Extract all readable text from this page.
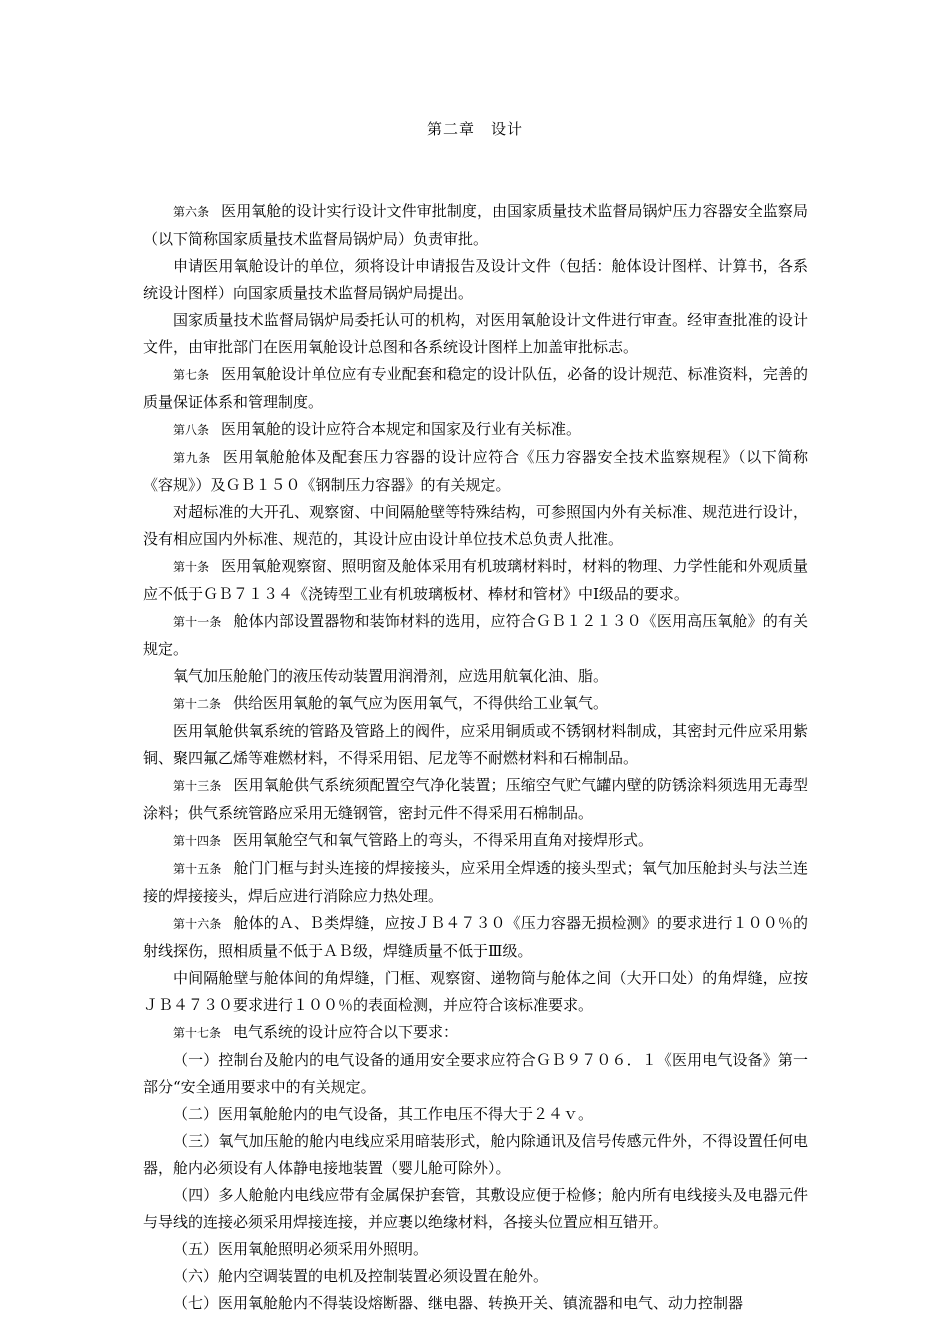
第二章　设计

第六条 医用氧舱的设计实行设计文件审批制度，由国家质量技术监督局锅炉压力容器安全监察局（以下简称国家质量技术监督局锅炉局）负责审批。

申请医用氧舱设计的单位，须将设计申请报告及设计文件（包括：舱体设计图样、计算书，各系统设计图样）向国家质量技术监督局锅炉局提出。

国家质量技术监督局锅炉局委托认可的机构，对医用氧舱设计文件进行审查。经审查批准的设计文件，由审批部门在医用氧舱设计总图和各系统设计图样上加盖审批标志。

第七条 医用氧舱设计单位应有专业配套和稳定的设计队伍，必备的设计规范、标准资料，完善的质量保证体系和管理制度。

第八条 医用氧舱的设计应符合本规定和国家及行业有关标准。

第九条 医用氧舱舱体及配套压力容器的设计应符合《压力容器安全技术监察规程》（以下简称《容规》）及ＧＢ１５０《钢制压力容器》的有关规定。

对超标准的大开孔、观察窗、中间隔舱壁等特殊结构，可参照国内外有关标准、规范进行设计，没有相应国内外标准、规范的，其设计应由设计单位技术总负责人批准。

第十条 医用氧舱观察窗、照明窗及舱体采用有机玻璃材料时，材料的物理、力学性能和外观质量应不低于ＧＢ７１３４《浇铸型工业有机玻璃板材、棒材和管材》中Ⅰ级品的要求。

第十一条 舱体内部设置器物和装饰材料的选用，应符合ＧＢ１２１３０《医用高压氧舱》的有关规定。

氧气加压舱舱门的液压传动装置用润滑剂，应选用航氧化油、脂。

第十二条 供给医用氧舱的氧气应为医用氧气，不得供给工业氧气。

医用氧舱供氧系统的管路及管路上的阀件，应采用铜质或不锈钢材料制成，其密封元件应采用紫铜、聚四氟乙烯等难燃材料，不得采用铝、尼龙等不耐燃材料和石棉制品。

第十三条 医用氧舱供气系统须配置空气净化装置；压缩空气贮气罐内壁的防锈涂料须选用无毒型涂料；供气系统管路应采用无缝钢管，密封元件不得采用石棉制品。

第十四条 医用氧舱空气和氧气管路上的弯头，不得采用直角对接焊形式。

第十五条 舱门门框与封头连接的焊接接头，应采用全焊透的接头型式；氧气加压舱封头与法兰连接的焊接接头，焊后应进行消除应力热处理。

第十六条 舱体的Ａ、Ｂ类焊缝，应按ＪＢ４７３０《压力容器无损检测》的要求进行１００％的射线探伤，照相质量不低于ＡＢ级，焊缝质量不低于Ⅲ级。

中间隔舱壁与舱体间的角焊缝，门框、观察窗、递物筒与舱体之间（大开口处）的角焊缝，应按ＪＢ４７３０要求进行１００％的表面检测，并应符合该标准要求。

第十七条 电气系统的设计应符合以下要求：

（一）控制台及舱内的电气设备的通用安全要求应符合ＧＢ９７０６．１《医用电气设备》第一部分“安全通用要求中的有关规定。

（二）医用氧舱舱内的电气设备，其工作电压不得大于２４ｖ。

（三）氧气加压舱的舱内电线应采用暗装形式，舱内除通讯及信号传感元件外，不得设置任何电器，舱内必须设有人体静电接地装置（婴儿舱可除外）。

（四）多人舱舱内电线应带有金属保护套管，其敷设应便于检修；舱内所有电线接头及电器元件与导线的连接必须采用焊接连接，并应裹以绝缘材料，各接头位置应相互错开。

（五）医用氧舱照明必须采用外照明。

（六）舱内空调装置的电机及控制装置必须设置在舱外。

（七）医用氧舱舱内不得装设熔断器、继电器、转换开关、镇流器和电气、动力控制器
